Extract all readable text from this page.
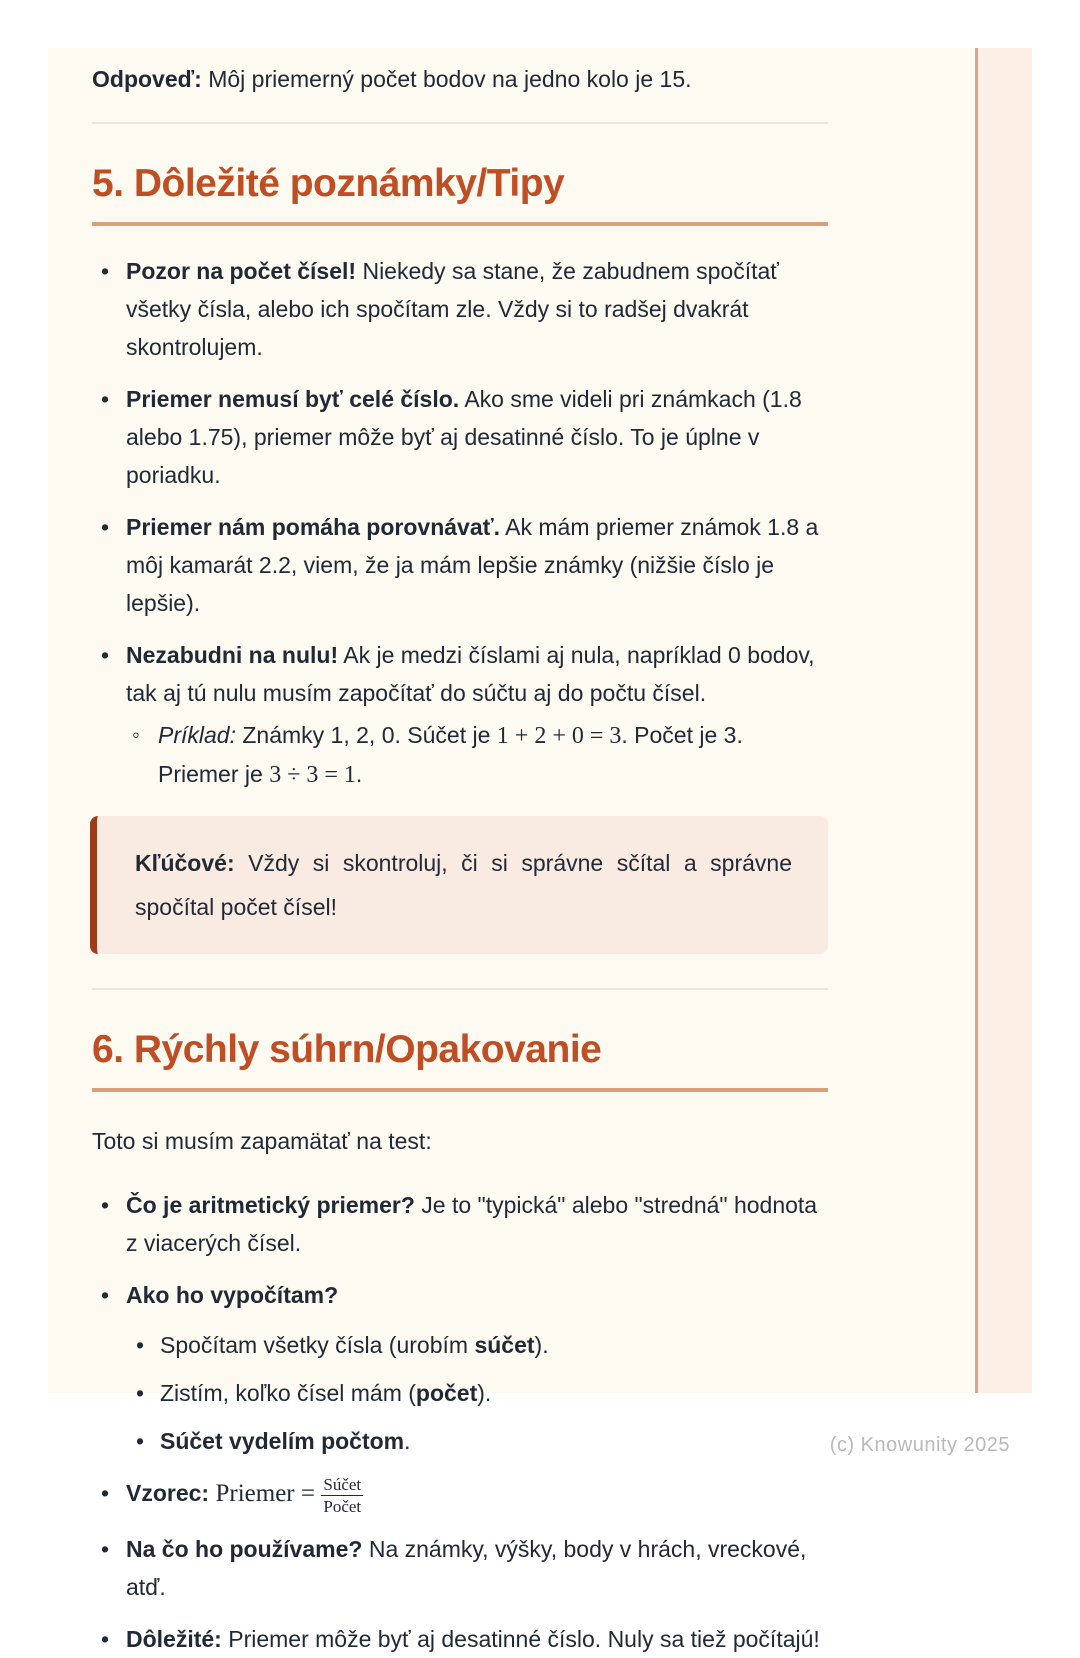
Odpoveď: Môj priemerný počet bodov na jedno kolo je 15.

5. Dôležité poznámky/Tipy
• Pozor na počet čísel! Niekedy sa stane, že zabudnem spočítať všetky čísla, alebo ich spočítam zle. Vždy si to radšej dvakrát skontrolujem.
• Priemer nemusí byť celé číslo. Ako sme videli pri známkach (1.8 alebo 1.75), priemer môže byť aj desatinné číslo. To je úplne v poriadku.
• Priemer nám pomáha porovnávať. Ak mám priemer známok 1.8 a môj kamarát 2.2, viem, že ja mám lepšie známky (nižšie číslo je lepšie).
• Nezabudni na nulu! Ak je medzi číslami aj nula, napríklad 0 bodov, tak aj tú nulu musím započítať do súčtu aj do počtu čísel.
◦ Príklad: Známky 1, 2, 0. Súčet je 1 + 2 + 0 = 3. Počet je 3. Priemer je 3 ÷ 3 = 1.
Kľúčové: Vždy si skontroluj, či si správne sčítal a správne spočítal počet čísel!
6. Rýchly súhrn/Opakovanie

Toto si musím zapamätať na test:

• Čo je aritmetický priemer? Je to "typická" alebo "stredná" hodnota z viacerých čísel.
• Ako ho vypočítam?
• Spočítam všetky čísla (urobím súčet).
• Zistím, koľko čísel mám (počet).
• Súčet vydelím počtom.
• Vzorec: Priemer = $\frac{\text{Súčet}}{\text{Počet}}$
• Na čo ho používame? Na známky, výšky, body v hrách, vreckové, atď.
• Dôležité: Priemer môže byť aj desatinné číslo. Nuly sa tiež počítajú!
(c) Knowunity 2025
